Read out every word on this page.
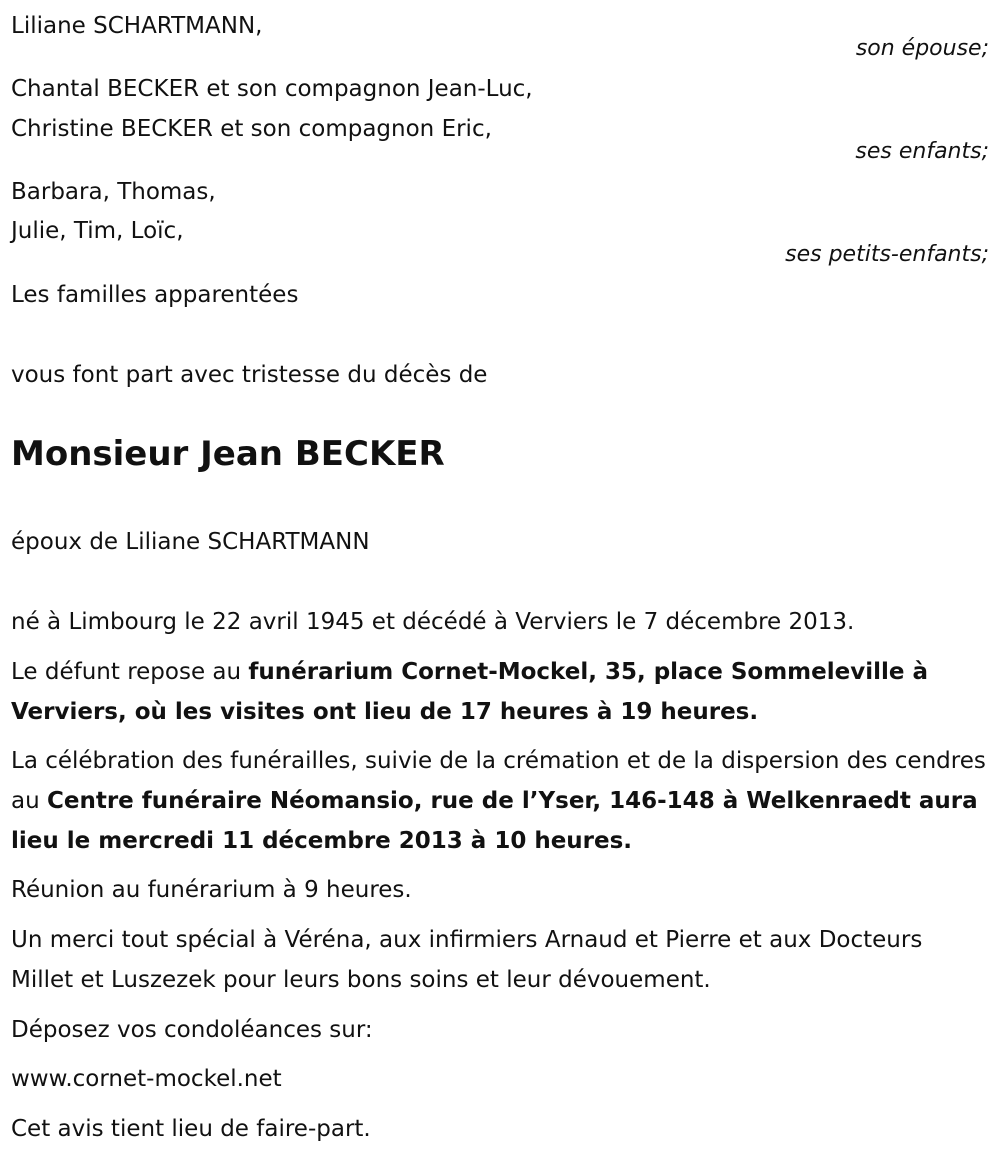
Liliane SCHARTMANN,
son épouse;
Chantal BECKER et son compagnon Jean-Luc,
Christine BECKER et son compagnon Eric,
ses enfants;
Barbara, Thomas,
Julie, Tim, Loïc,
ses petits-enfants;
Les familles apparentées
vous font part avec tristesse du décès de
Monsieur Jean BECKER
époux de Liliane SCHARTMANN
né à Limbourg le 22 avril 1945 et décédé à Verviers le 7 décembre 2013.
Le défunt repose au funérarium Cornet-Mockel, 35, place Sommeleville à Verviers, où les visites ont lieu de 17 heures à 19 heures.
La célébration des funérailles, suivie de la crémation et de la dispersion des cendres au Centre funéraire Néomansio, rue de l’Yser, 146-148 à Welkenraedt aura lieu le mercredi 11 décembre 2013 à 10 heures.
Réunion au funérarium à 9 heures.
Un merci tout spécial à Véréna, aux infirmiers Arnaud et Pierre et aux Docteurs Millet et Luszezek pour leurs bons soins et leur dévouement.
Déposez vos condoléances sur:
www.cornet-mockel.net
Cet avis tient lieu de faire-part.
